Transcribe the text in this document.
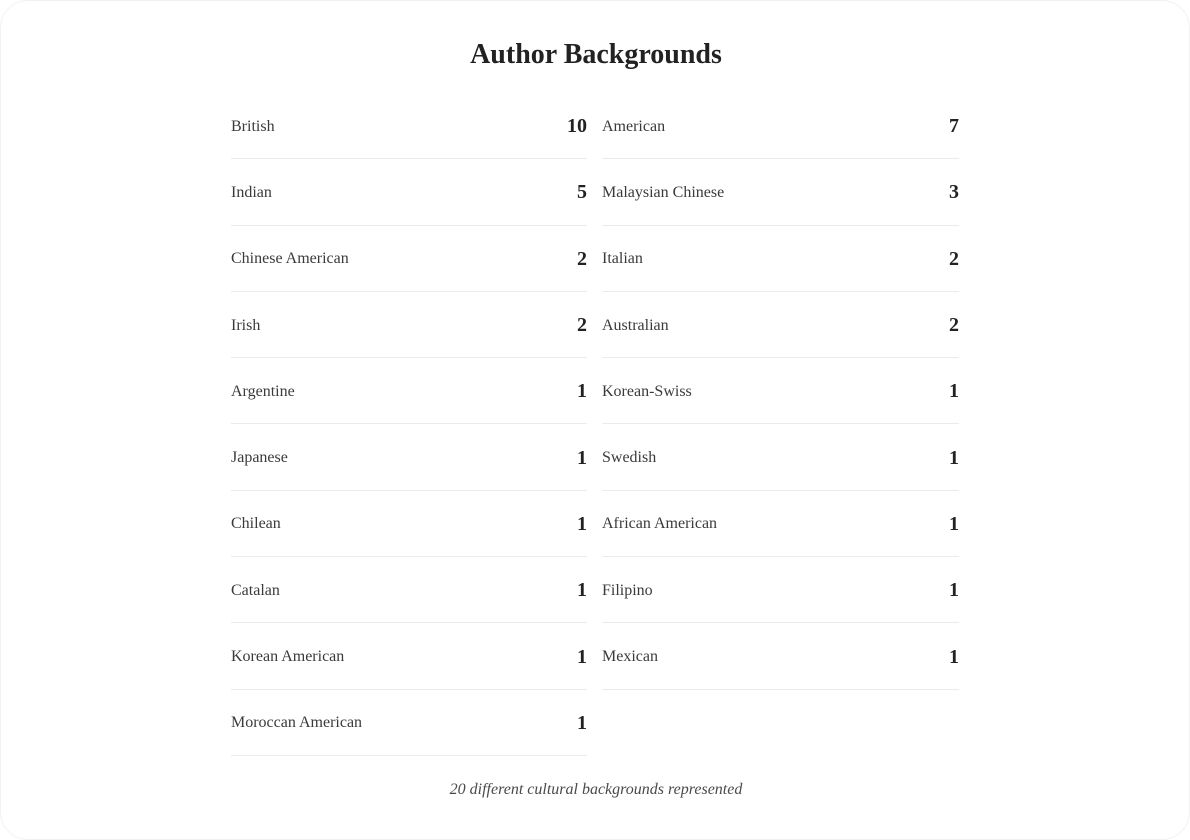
Author Backgrounds
British	10 American	7
Indian	5 Malaysian Chinese	3
Chinese American	2 Italian	2
Irish	2 Australian	2
Argentine	1 Korean-Swiss	1
Japanese	1 Swedish	1
Chilean	1 African American	1
Catalan	1 Filipino	1
Korean American	1 Mexican	1
Moroccan American	1
20 different cultural backgrounds represented
